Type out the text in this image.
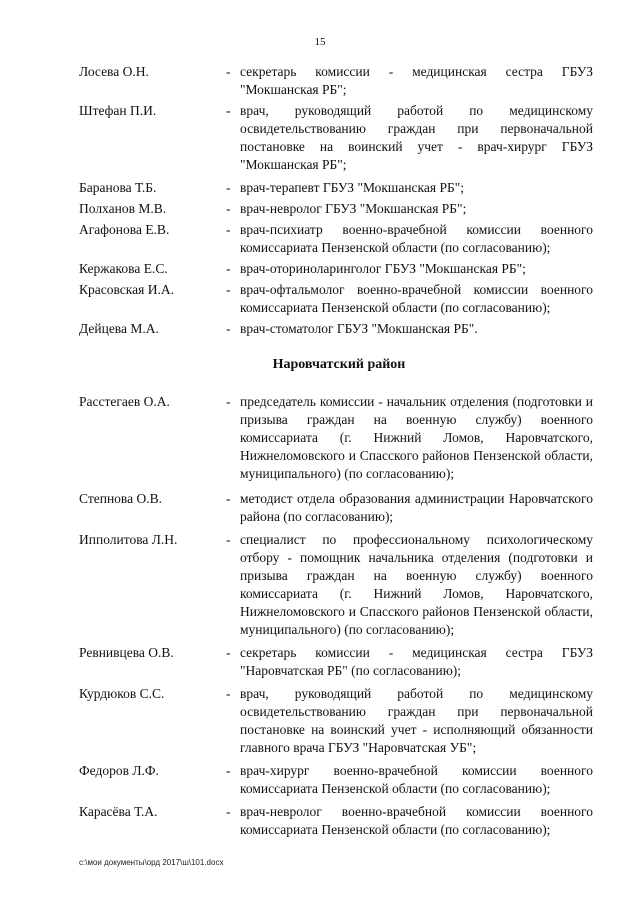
15
Лосева О.Н.	- секретарь комиссии - медицинская сестра ГБУЗ "Мокшанская РБ";
Штефан П.И.	- врач, руководящий работой по медицинскому освидетельствованию граждан при первоначальной постановке на воинский учет - врач-хирург ГБУЗ "Мокшанская РБ";
Баранова Т.Б.	- врач-терапевт ГБУЗ "Мокшанская РБ";
Полханов М.В.	- врач-невролог ГБУЗ "Мокшанская РБ";
Агафонова Е.В.	- врач-психиатр военно-врачебной комиссии военного комиссариата Пензенской области (по согласованию);
Кержакова Е.С.	- врач-оториноларинголог ГБУЗ "Мокшанская РБ";
Красовская И.А.	- врач-офтальмолог военно-врачебной комиссии военного комиссариата Пензенской области (по согласованию);
Дейцева М.А.	- врач-стоматолог ГБУЗ "Мокшанская РБ".
Наровчатский район
Расстегаев О.А.	- председатель комиссии - начальник отделения (подготовки и призыва граждан на военную службу) военного комиссариата (г. Нижний Ломов, Наровчатского, Нижнеломовского и Спасского районов Пензенской области, муниципального) (по согласованию);
Степнова О.В.	- методист отдела образования администрации Наровчатского района (по согласованию);
Ипполитова Л.Н.	- специалист по профессиональному психологическому отбору - помощник начальника отделения (подготовки и призыва граждан на военную службу) военного комиссариата (г. Нижний Ломов, Наровчатского, Нижнеломовского и Спасского районов Пензенской области, муниципального) (по согласованию);
Ревнивцева О.В.	- секретарь комиссии - медицинская сестра ГБУЗ "Наровчатская РБ" (по согласованию);
Курдюков С.С.	- врач, руководящий работой по медицинскому освидетельствованию граждан при первоначальной постановке на воинский учет - исполняющий обязанности главного врача ГБУЗ "Наровчатская УБ";
Федоров Л.Ф.	- врач-хирург военно-врачебной комиссии военного комиссариата Пензенской области (по согласованию);
Карасёва Т.А.	- врач-невролог военно-врачебной комиссии военного комиссариата Пензенской области (по согласованию);
c:\мои документы\орд 2017\ш\101.docx
